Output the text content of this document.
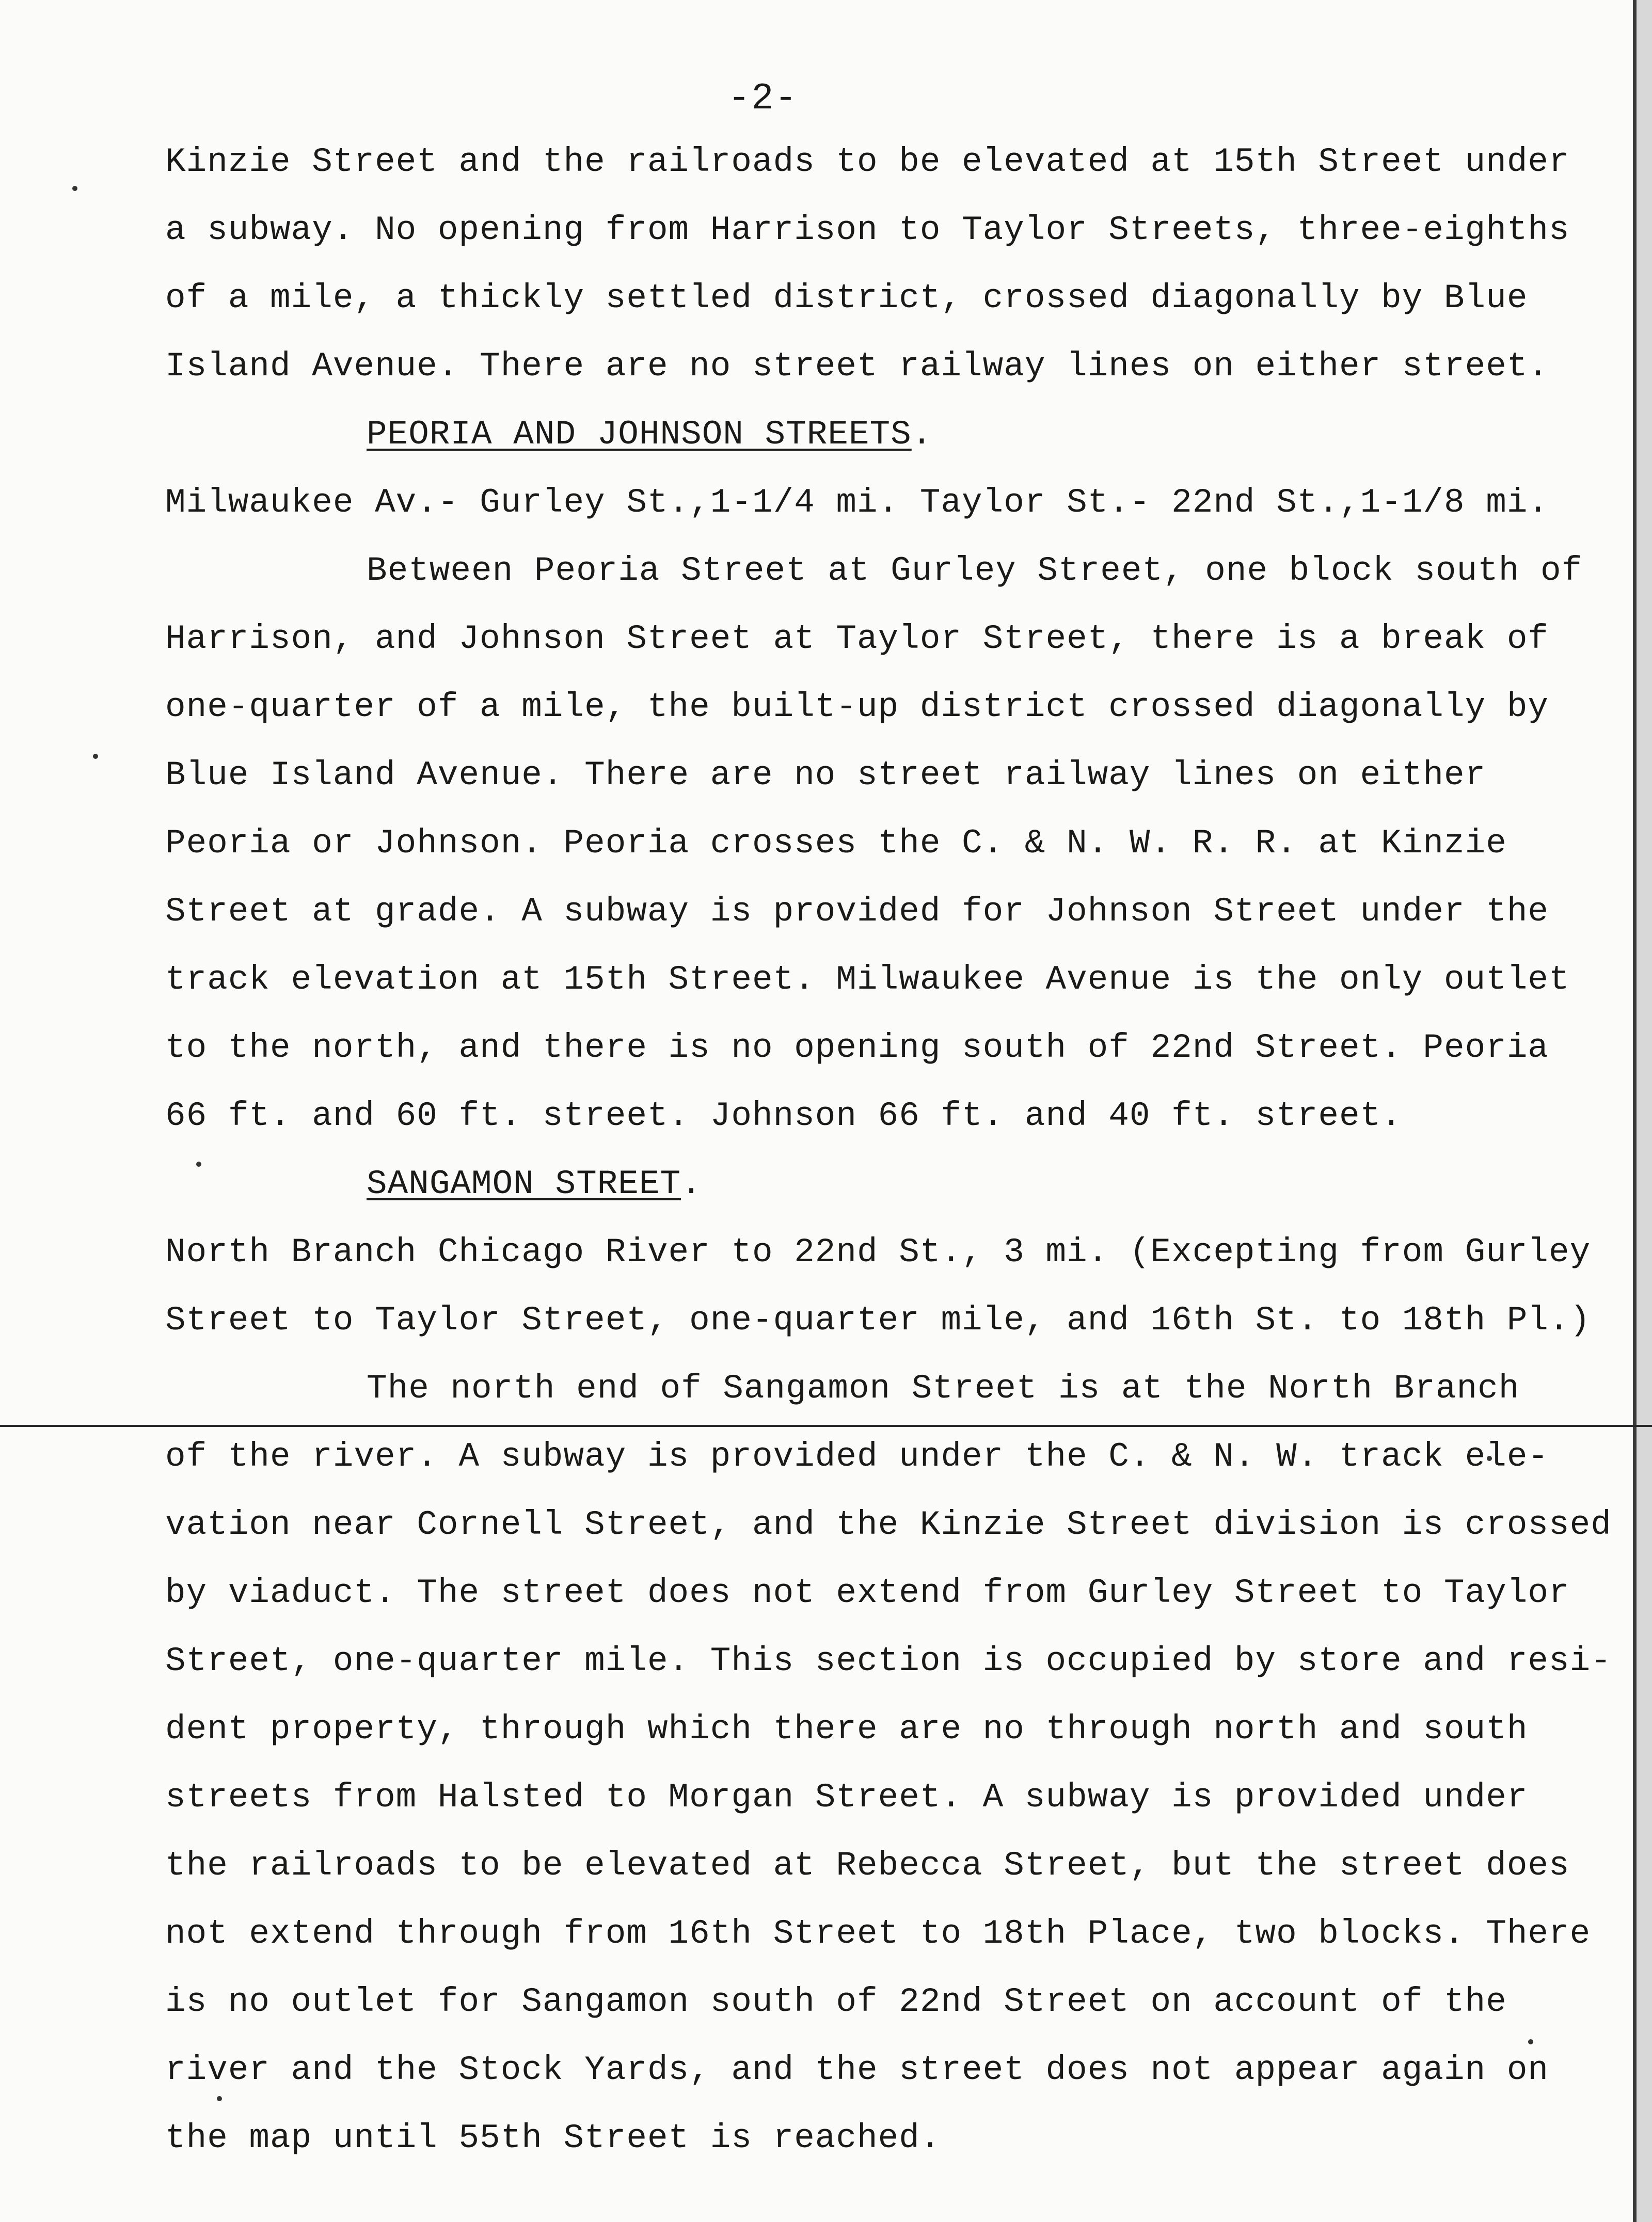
-2-
Kinzie Street and the railroads to be elevated at 15th Street under
a subway. No opening from Harrison to Taylor Streets, three-eighths
of a mile, a thickly settled district, crossed diagonally by Blue
Island Avenue. There are no street railway lines on either street.
PEORIA AND JOHNSON STREETS.
Milwaukee Av.- Gurley St.,1-1/4 mi. Taylor St.- 22nd St.,1-1/8 mi.
Between Peoria Street at Gurley Street, one block south of
Harrison, and Johnson Street at Taylor Street, there is a break of
one-quarter of a mile, the built-up district crossed diagonally by
Blue Island Avenue. There are no street railway lines on either
Peoria or Johnson. Peoria crosses the C. & N. W. R. R. at Kinzie
Street at grade. A subway is provided for Johnson Street under the
track elevation at 15th Street. Milwaukee Avenue is the only outlet
to the north, and there is no opening south of 22nd Street. Peoria
66 ft. and 60 ft. street. Johnson 66 ft. and 40 ft. street.
SANGAMON STREET.
North Branch Chicago River to 22nd St., 3 mi. (Excepting from Gurley
Street to Taylor Street, one-quarter mile, and 16th St. to 18th Pl.)
The north end of Sangamon Street is at the North Branch
of the river. A subway is provided under the C. & N. W. track ele-
vation near Cornell Street, and the Kinzie Street division is crossed
by viaduct. The street does not extend from Gurley Street to Taylor
Street, one-quarter mile. This section is occupied by store and resi-
dent property, through which there are no through north and south
streets from Halsted to Morgan Street. A subway is provided under
the railroads to be elevated at Rebecca Street, but the street does
not extend through from 16th Street to 18th Place, two blocks. There
is no outlet for Sangamon south of 22nd Street on account of the
river and the Stock Yards, and the street does not appear again on
the map until 55th Street is reached.
